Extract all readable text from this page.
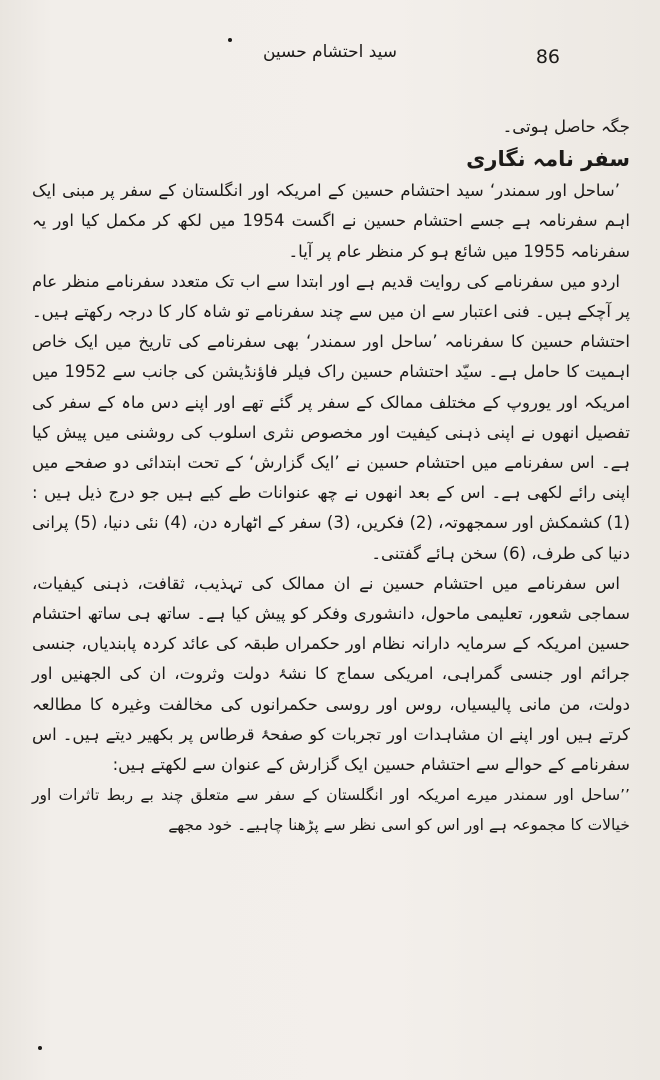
سید احتشام حسین	86

جگہ حاصل ہوتی۔

سفر نامہ نگاری

’ساحل اور سمندر‘ سید احتشام حسین کے امریکہ اور انگلستان کے سفر پر مبنی ایک اہم سفرنامہ ہے جسے احتشام حسین نے اگست 1954 میں لکھ کر مکمل کیا اور یہ سفرنامہ 1955 میں شائع ہو کر منظر عام پر آیا۔

اردو میں سفرنامے کی روایت قدیم ہے اور ابتدا سے اب تک متعدد سفرنامے منظر عام پر آچکے ہیں۔ فنی اعتبار سے ان میں سے چند سفرنامے تو شاہ کار کا درجہ رکھتے ہیں۔ احتشام حسین کا سفرنامہ ’ساحل اور سمندر‘ بھی سفرنامے کی تاریخ میں ایک خاص اہمیت کا حامل ہے۔ سیّد احتشام حسین راک فیلر فاؤنڈیشن کی جانب سے 1952 میں امریکہ اور یوروپ کے مختلف ممالک کے سفر پر گئے تھے اور اپنے دس ماہ کے سفر کی تفصیل انھوں نے اپنی ذہنی کیفیت اور مخصوص نثری اسلوب کی روشنی میں پیش کیا ہے۔ اس سفرنامے میں احتشام حسین نے ’ایک گزارش‘ کے تحت ابتدائی دو صفحے میں اپنی رائے لکھی ہے۔ اس کے بعد انھوں نے چھ عنوانات طے کیے ہیں جو درج ذیل ہیں : (1) کشمکش اور سمجھوتہ، (2) فکریں، (3) سفر کے اٹھارہ دن، (4) نئی دنیا، (5) پرانی دنیا کی طرف، (6) سخن ہائے گفتنی۔

اس سفرنامے میں احتشام حسین نے ان ممالک کی تہذیب، ثقافت، ذہنی کیفیات، سماجی شعور، تعلیمی ماحول، دانشوری وفکر کو پیش کیا ہے۔ ساتھ ہی ساتھ احتشام حسین امریکہ کے سرمایہ دارانہ نظام اور حکمراں طبقہ کی عائد کردہ پابندیاں، جنسی جرائم اور جنسی گمراہی، امریکی سماج کا نشۂ دولت وثروت، ان کی الجھنیں اور دولت، من مانی پالیسیاں، روس اور روسی حکمرانوں کی مخالفت وغیرہ کا مطالعہ کرتے ہیں اور اپنے ان مشاہدات اور تجربات کو صفحۂ قرطاس پر بکھیر دیتے ہیں۔ اس سفرنامے کے حوالے سے احتشام حسین ایک گزارش کے عنوان سے لکھتے ہیں:

’’ساحل اور سمندر میرے امریکہ اور انگلستان کے سفر سے متعلق چند بے ربط تاثرات اور خیالات کا مجموعہ ہے اور اس کو اسی نظر سے پڑھنا چاہیے۔ خود مجھے
